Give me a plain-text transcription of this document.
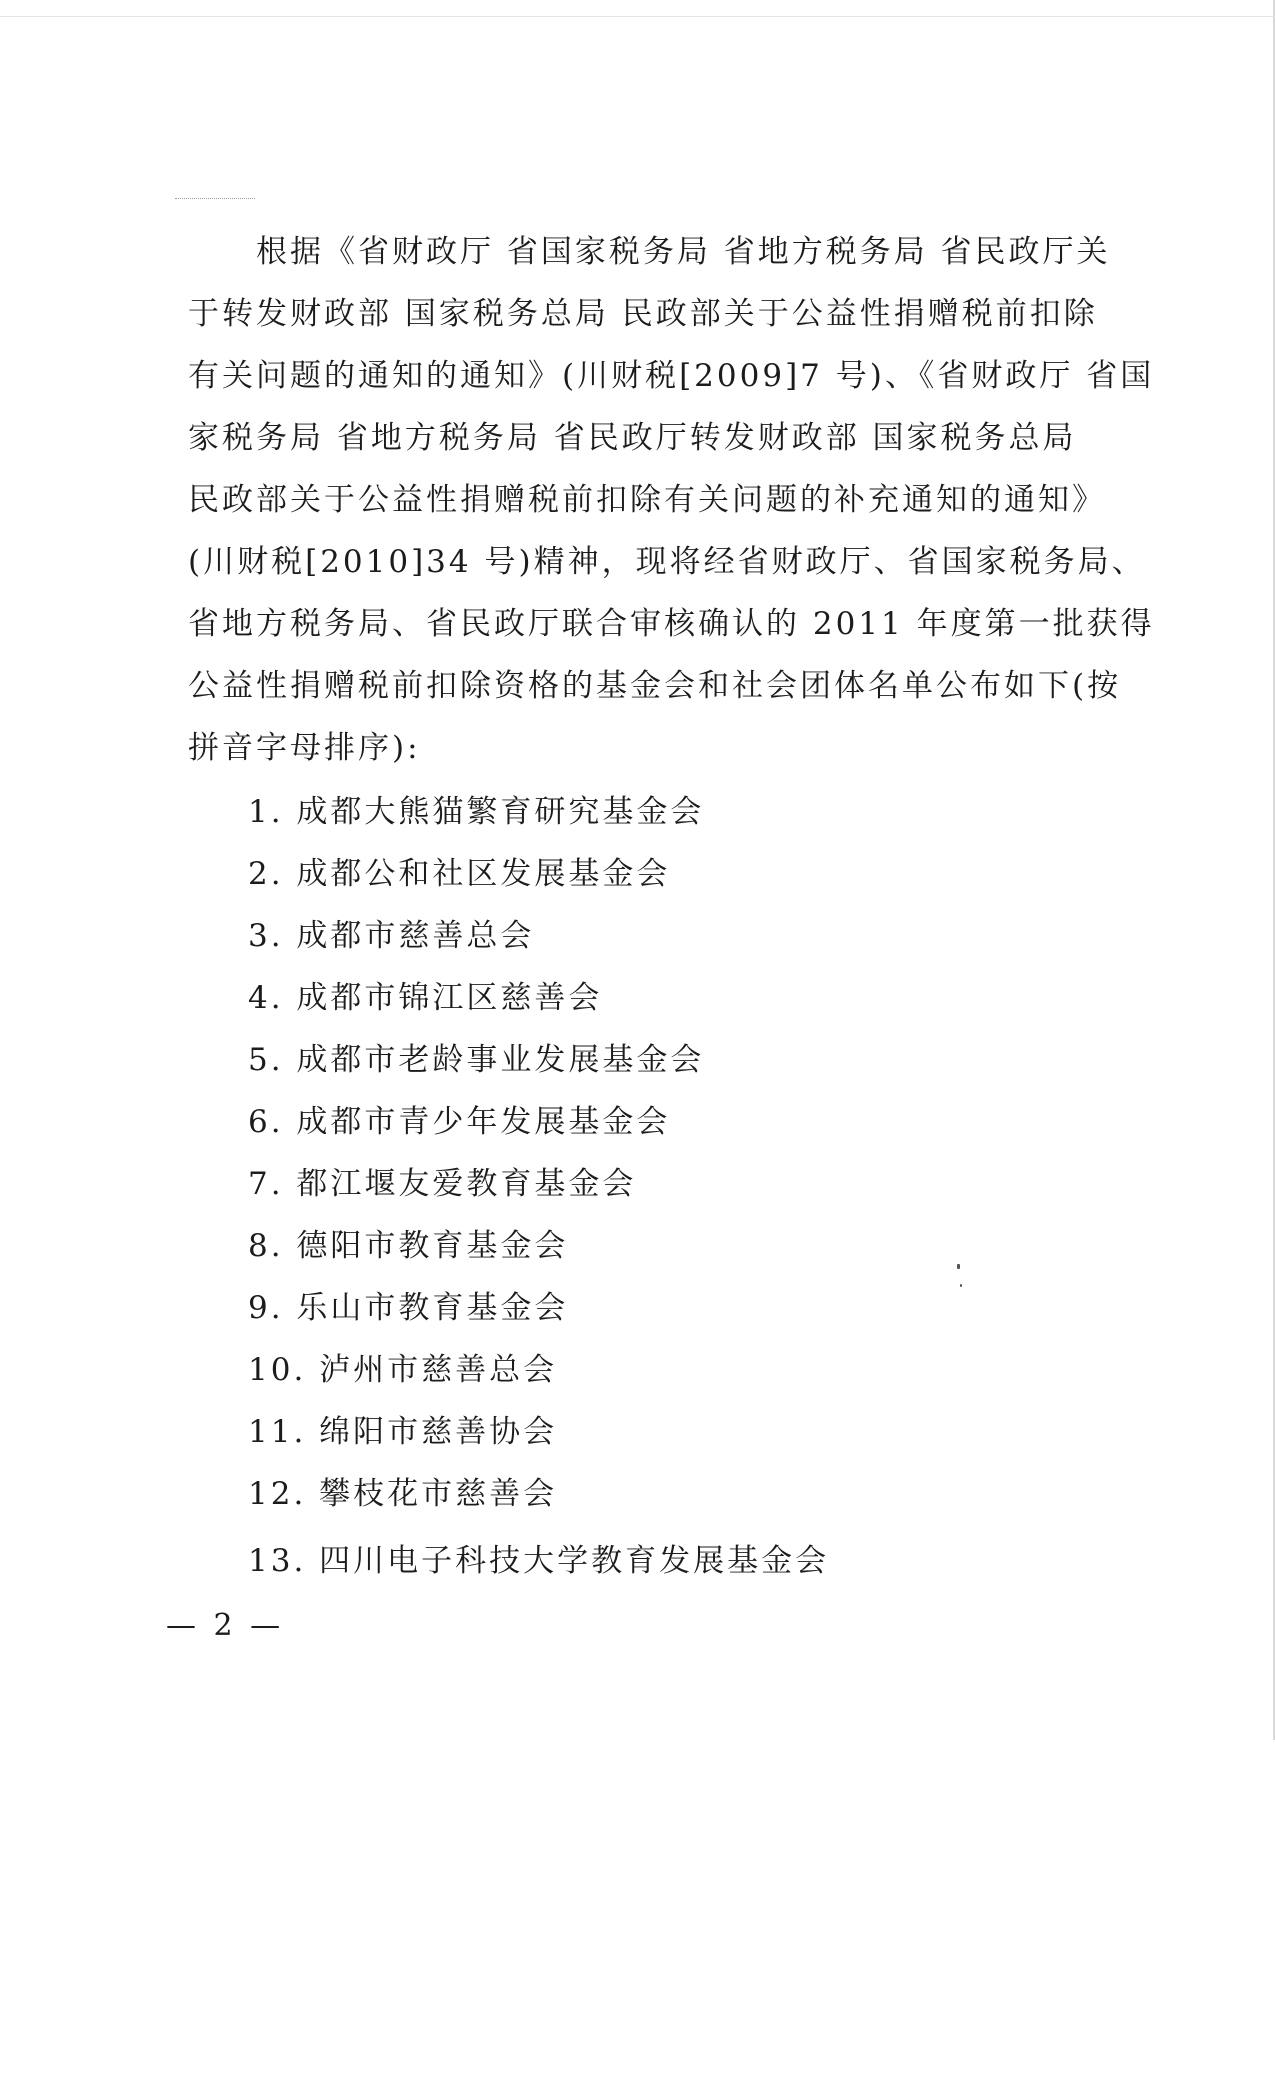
　　根据《省财政厅 省国家税务局 省地方税务局 省民政厅关
于转发财政部 国家税务总局 民政部关于公益性捐赠税前扣除
有关问题的通知的通知》(川财税[2009]7 号)、《省财政厅 省国
家税务局 省地方税务局 省民政厅转发财政部 国家税务总局
民政部关于公益性捐赠税前扣除有关问题的补充通知的通知》
(川财税[2010]34 号)精神，现将经省财政厅、省国家税务局、
省地方税务局、省民政厅联合审核确认的 2011 年度第一批获得
公益性捐赠税前扣除资格的基金会和社会团体名单公布如下(按
拼音字母排序):
1. 成都大熊猫繁育研究基金会
2. 成都公和社区发展基金会
3. 成都市慈善总会
4. 成都市锦江区慈善会
5. 成都市老龄事业发展基金会
6. 成都市青少年发展基金会
7. 都江堰友爱教育基金会
8. 德阳市教育基金会
9. 乐山市教育基金会
10. 泸州市慈善总会
11. 绵阳市慈善协会
12. 攀枝花市慈善会
13. 四川电子科技大学教育发展基金会
— 2 —
